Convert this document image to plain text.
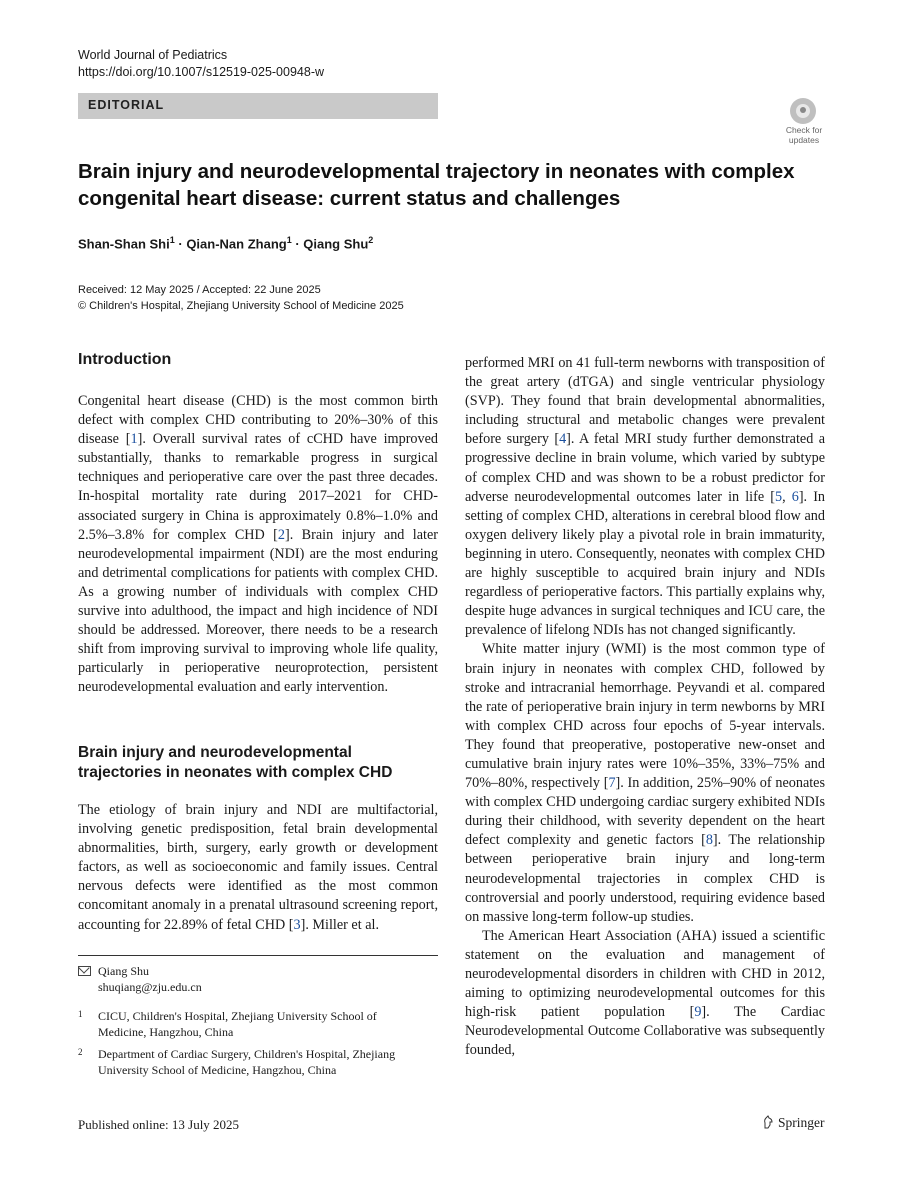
World Journal of Pediatrics
https://doi.org/10.1007/s12519-025-00948-w
EDITORIAL
Check for updates
Brain injury and neurodevelopmental trajectory in neonates with complex congenital heart disease: current status and challenges
Shan-Shan Shi$^1$ · Qian-Nan Zhang$^1$ · Qiang Shu$^2$
Received: 12 May 2025 / Accepted: 22 June 2025
© Children's Hospital, Zhejiang University School of Medicine 2025
Introduction

Congenital heart disease (CHD) is the most common birth defect with complex CHD contributing to 20%–30% of this disease [1]. Overall survival rates of cCHD have improved substantially, thanks to remarkable progress in surgical techniques and perioperative care over the past three decades. In-hospital mortality rate during 2017–2021 for CHD-associated surgery in China is approximately 0.8%–1.0% and 2.5%–3.8% for complex CHD [2]. Brain injury and later neurodevelopmental impairment (NDI) are the most enduring and detrimental complications for patients with complex CHD. As a growing number of individuals with complex CHD survive into adulthood, the impact and high incidence of NDI should be addressed. Moreover, there needs to be a research shift from improving survival to improving whole life quality, particularly in perioperative neuroprotection, persistent neurodevelopmental evaluation and early intervention.

Brain injury and neurodevelopmental trajectories in neonates with complex CHD

The etiology of brain injury and NDI are multifactorial, involving genetic predisposition, fetal brain developmental abnormalities, birth, surgery, early growth or development factors, as well as socioeconomic and family issues. Central nervous defects were identified as the most common concomitant anomaly in a prenatal ultrasound screening report, accounting for 22.89% of fetal CHD [3]. Miller et al.

Qiang Shu
shuqiang@zju.edu.cn
1 CICU, Children's Hospital, Zhejiang University School of Medicine, Hangzhou, China
2 Department of Cardiac Surgery, Children's Hospital, Zhejiang University School of Medicine, Hangzhou, China

performed MRI on 41 full-term newborns with transposition of the great artery (dTGA) and single ventricular physiology (SVP). They found that brain developmental abnormalities, including structural and metabolic changes were prevalent before surgery [4]. A fetal MRI study further demonstrated a progressive decline in brain volume, which varied by subtype of complex CHD and was shown to be a robust predictor for adverse neurodevelopmental outcomes later in life [5, 6]. In setting of complex CHD, alterations in cerebral blood flow and oxygen delivery likely play a pivotal role in brain immaturity, beginning in utero. Consequently, neonates with complex CHD are highly susceptible to acquired brain injury and NDIs regardless of perioperative factors. This partially explains why, despite huge advances in surgical techniques and ICU care, the prevalence of lifelong NDIs has not changed significantly.

White matter injury (WMI) is the most common type of brain injury in neonates with complex CHD, followed by stroke and intracranial hemorrhage. Peyvandi et al. compared the rate of perioperative brain injury in term newborns by MRI with complex CHD across four epochs of 5-year intervals. They found that preoperative, postoperative new-onset and cumulative brain injury rates were 10%–35%, 33%–75% and 70%–80%, respectively [7]. In addition, 25%–90% of neonates with complex CHD undergoing cardiac surgery exhibited NDIs during their childhood, with severity dependent on the heart defect complexity and genetic factors [8]. The relationship between perioperative brain injury and long-term neurodevelopmental trajectories in complex CHD is controversial and poorly understood, requiring evidence based on massive long-term follow-up studies.

The American Heart Association (AHA) issued a scientific statement on the evaluation and management of neurodevelopmental disorders in children with CHD in 2012, aiming to optimizing neurodevelopmental outcomes for this high-risk patient population [9]. The Cardiac Neurodevelopmental Outcome Collaborative was subsequently founded,

Published online: 13 July 2025	Springer
